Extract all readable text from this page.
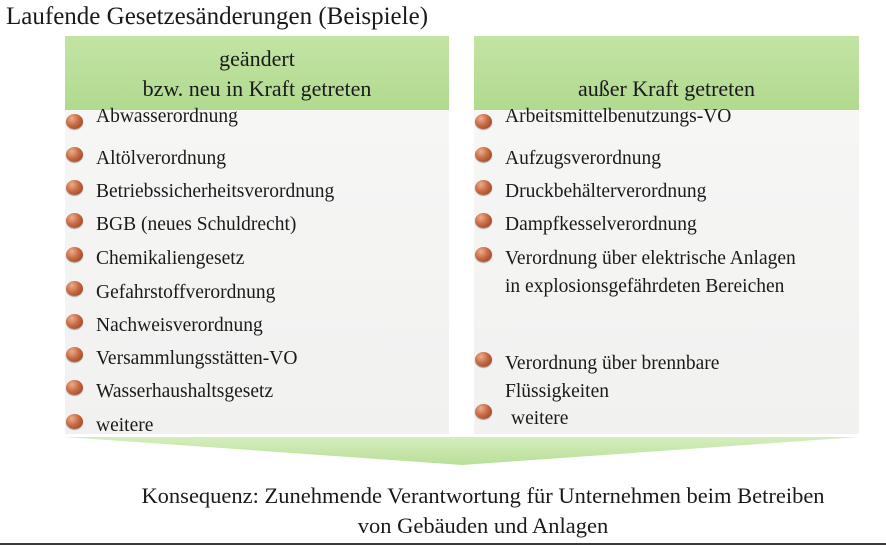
Laufende Gesetzesänderungen (Beispiele)
geändert
bzw. neu in Kraft getreten	außer Kraft getreten
Abwasserordnung
Altölverordnung
Betriebssicherheitsverordnung
BGB (neues Schuldrecht)
Chemikaliengesetz
Gefahrstoffverordnung
Nachweisverordnung
Versammlungsstätten-VO
Wasserhaushaltsgesetz
weitere
Arbeitsmittelbenutzungs-VO
Aufzugsverordnung
Druckbehälterverordnung
Dampfkesselverordnung
Verordnung über elektrische Anlagen
in explosionsgefährdeten Bereichen
Verordnung über brennbare
Flüssigkeiten
weitere
Konsequenz: Zunehmende Verantwortung für Unternehmen beim Betreiben
von Gebäuden und Anlagen
